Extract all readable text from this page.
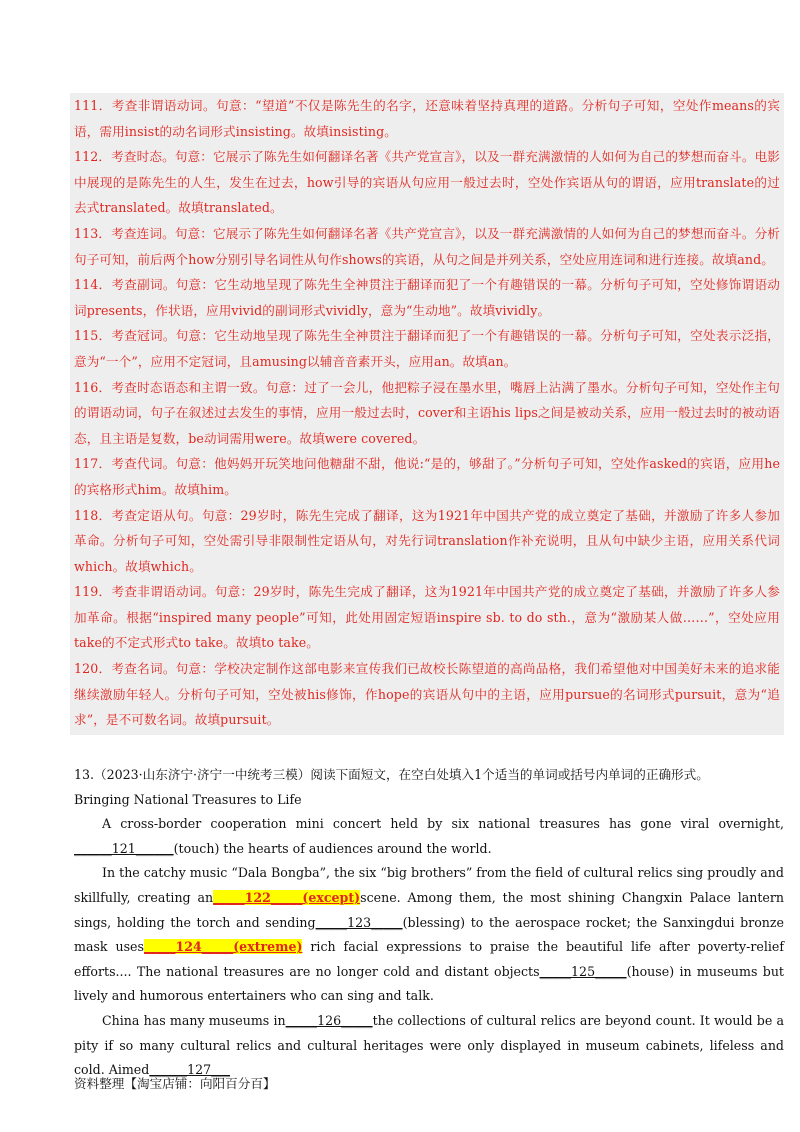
111．考查非谓语动词。句意：“望道”不仅是陈先生的名字，还意味着坚持真理的道路。分析句子可知，空处作means的宾语，需用insist的动名词形式insisting。故填insisting。

112．考查时态。句意：它展示了陈先生如何翻译名著《共产党宣言》，以及一群充满激情的人如何为自己的梦想而奋斗。电影中展现的是陈先生的人生，发生在过去，how引导的宾语从句应用一般过去时，空处作宾语从句的谓语，应用translate的过去式translated。故填translated。

113．考查连词。句意：它展示了陈先生如何翻译名著《共产党宣言》，以及一群充满激情的人如何为自己的梦想而奋斗。分析句子可知，前后两个how分别引导名词性从句作shows的宾语，从句之间是并列关系，空处应用连词和进行连接。故填and。

114．考查副词。句意：它生动地呈现了陈先生全神贯注于翻译而犯了一个有趣错误的一幕。分析句子可知，空处修饰谓语动词presents，作状语，应用vivid的副词形式vividly，意为“生动地”。故填vividly。

115．考查冠词。句意：它生动地呈现了陈先生全神贯注于翻译而犯了一个有趣错误的一幕。分析句子可知，空处表示泛指，意为“一个”，应用不定冠词，且amusing以辅音音素开头，应用an。故填an。

116．考查时态语态和主谓一致。句意：过了一会儿，他把粽子浸在墨水里，嘴唇上沾满了墨水。分析句子可知，空处作主句的谓语动词，句子在叙述过去发生的事情，应用一般过去时，cover和主语his lips之间是被动关系，应用一般过去时的被动语态，且主语是复数，be动词需用were。故填were covered。

117．考查代词。句意：他妈妈开玩笑地问他糖甜不甜，他说:“是的，够甜了。”分析句子可知，空处作asked的宾语，应用he的宾格形式him。故填him。

118．考查定语从句。句意：29岁时，陈先生完成了翻译，这为1921年中国共产党的成立奠定了基础，并激励了许多人参加革命。分析句子可知，空处需引导非限制性定语从句，对先行词translation作补充说明，且从句中缺少主语，应用关系代词which。故填which。

119．考查非谓语动词。句意：29岁时，陈先生完成了翻译，这为1921年中国共产党的成立奠定了基础，并激励了许多人参加革命。根据“inspired many people”可知，此处用固定短语inspire sb. to do sth.，意为“激励某人做……”，空处应用take的不定式形式to take。故填to take。

120．考查名词。句意：学校决定制作这部电影来宣传我们已故校长陈望道的高尚品格，我们希望他对中国美好未来的追求能继续激励年轻人。分析句子可知，空处被his修饰，作hope的宾语从句中的主语，应用pursue的名词形式pursuit，意为“追求”，是不可数名词。故填pursuit。

13.（2023·山东济宁·济宁一中统考三模）阅读下面短文，在空白处填入1个适当的单词或括号内单词的正确形式。

Bringing National Treasures to Life

A cross-border cooperation mini concert held by six national treasures has gone viral overnight, ______121______(touch) the hearts of audiences around the world.

In the catchy music “Dala Bongba”, the six “big brothers” from the field of cultural relics sing proudly and skillfully, creating an_____122_____(except)scene. Among them, the most shining Changxin Palace lantern sings, holding the torch and sending_____123_____(blessing) to the aerospace rocket; the Sanxingdui bronze mask uses_____124_____(extreme) rich facial expressions to praise the beautiful life after poverty-relief efforts.... The national treasures are no longer cold and distant objects_____125_____(house) in museums but lively and humorous entertainers who can sing and talk.

China has many museums in_____126_____the collections of cultural relics are beyond count. It would be a pity if so many cultural relics and cultural heritages were only displayed in museum cabinets, lifeless and cold. Aimed______127___

资料整理【淘宝店铺：向阳百分百】
